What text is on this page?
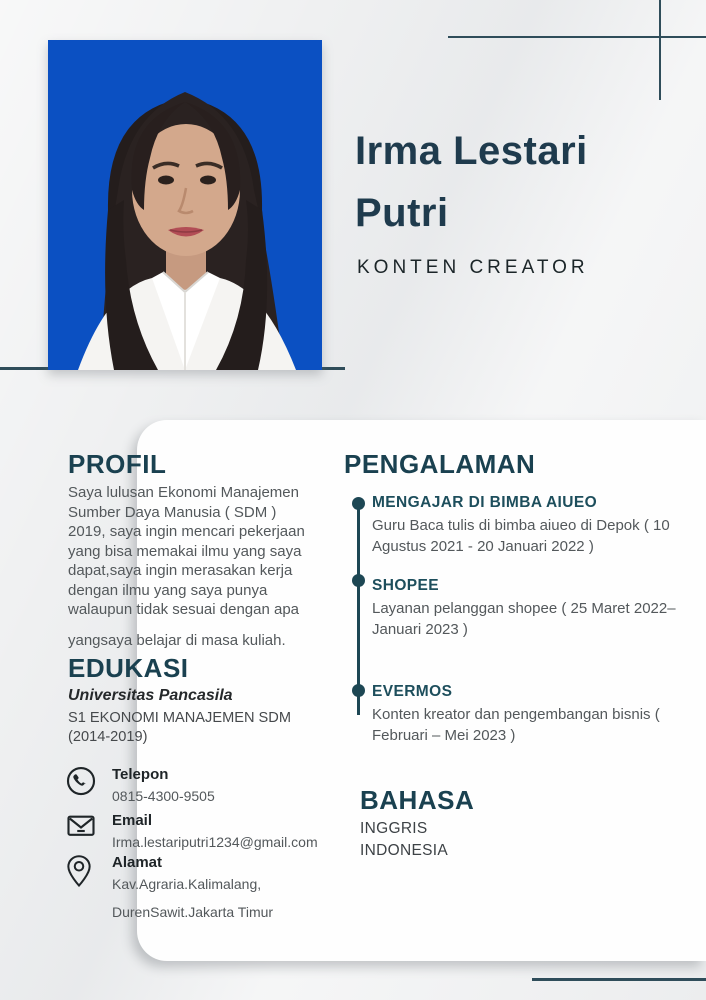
Irma Lestari Putri
KONTEN CREATOR
PROFIL
Saya lulusan Ekonomi Manajemen Sumber Daya Manusia ( SDM ) 2019, saya ingin mencari pekerjaan yang bisa memakai ilmu yang saya dapat,saya ingin merasakan kerja dengan ilmu yang saya punya walaupun tidak sesuai dengan apa
yangsaya belajar di masa kuliah.
EDUKASI
Universitas Pancasila
S1 EKONOMI MANAJEMEN SDM (2014-2019)
Telepon
0815-4300-9505
Email
Irma.lestariputri1234@gmail.com
Alamat
Kav.Agraria.Kalimalang,
DurenSawit.Jakarta Timur
PENGALAMAN
MENGAJAR DI BIMBA AIUEO
Guru Baca tulis di bimba aiueo di Depok ( 10 Agustus 2021 - 20 Januari 2022 )
SHOPEE
Layanan pelanggan shopee ( 25 Maret 2022– Januari 2023 )
EVERMOS
Konten kreator dan pengembangan bisnis ( Februari – Mei 2023 )
BAHASA
INGGRIS
INDONESIA
